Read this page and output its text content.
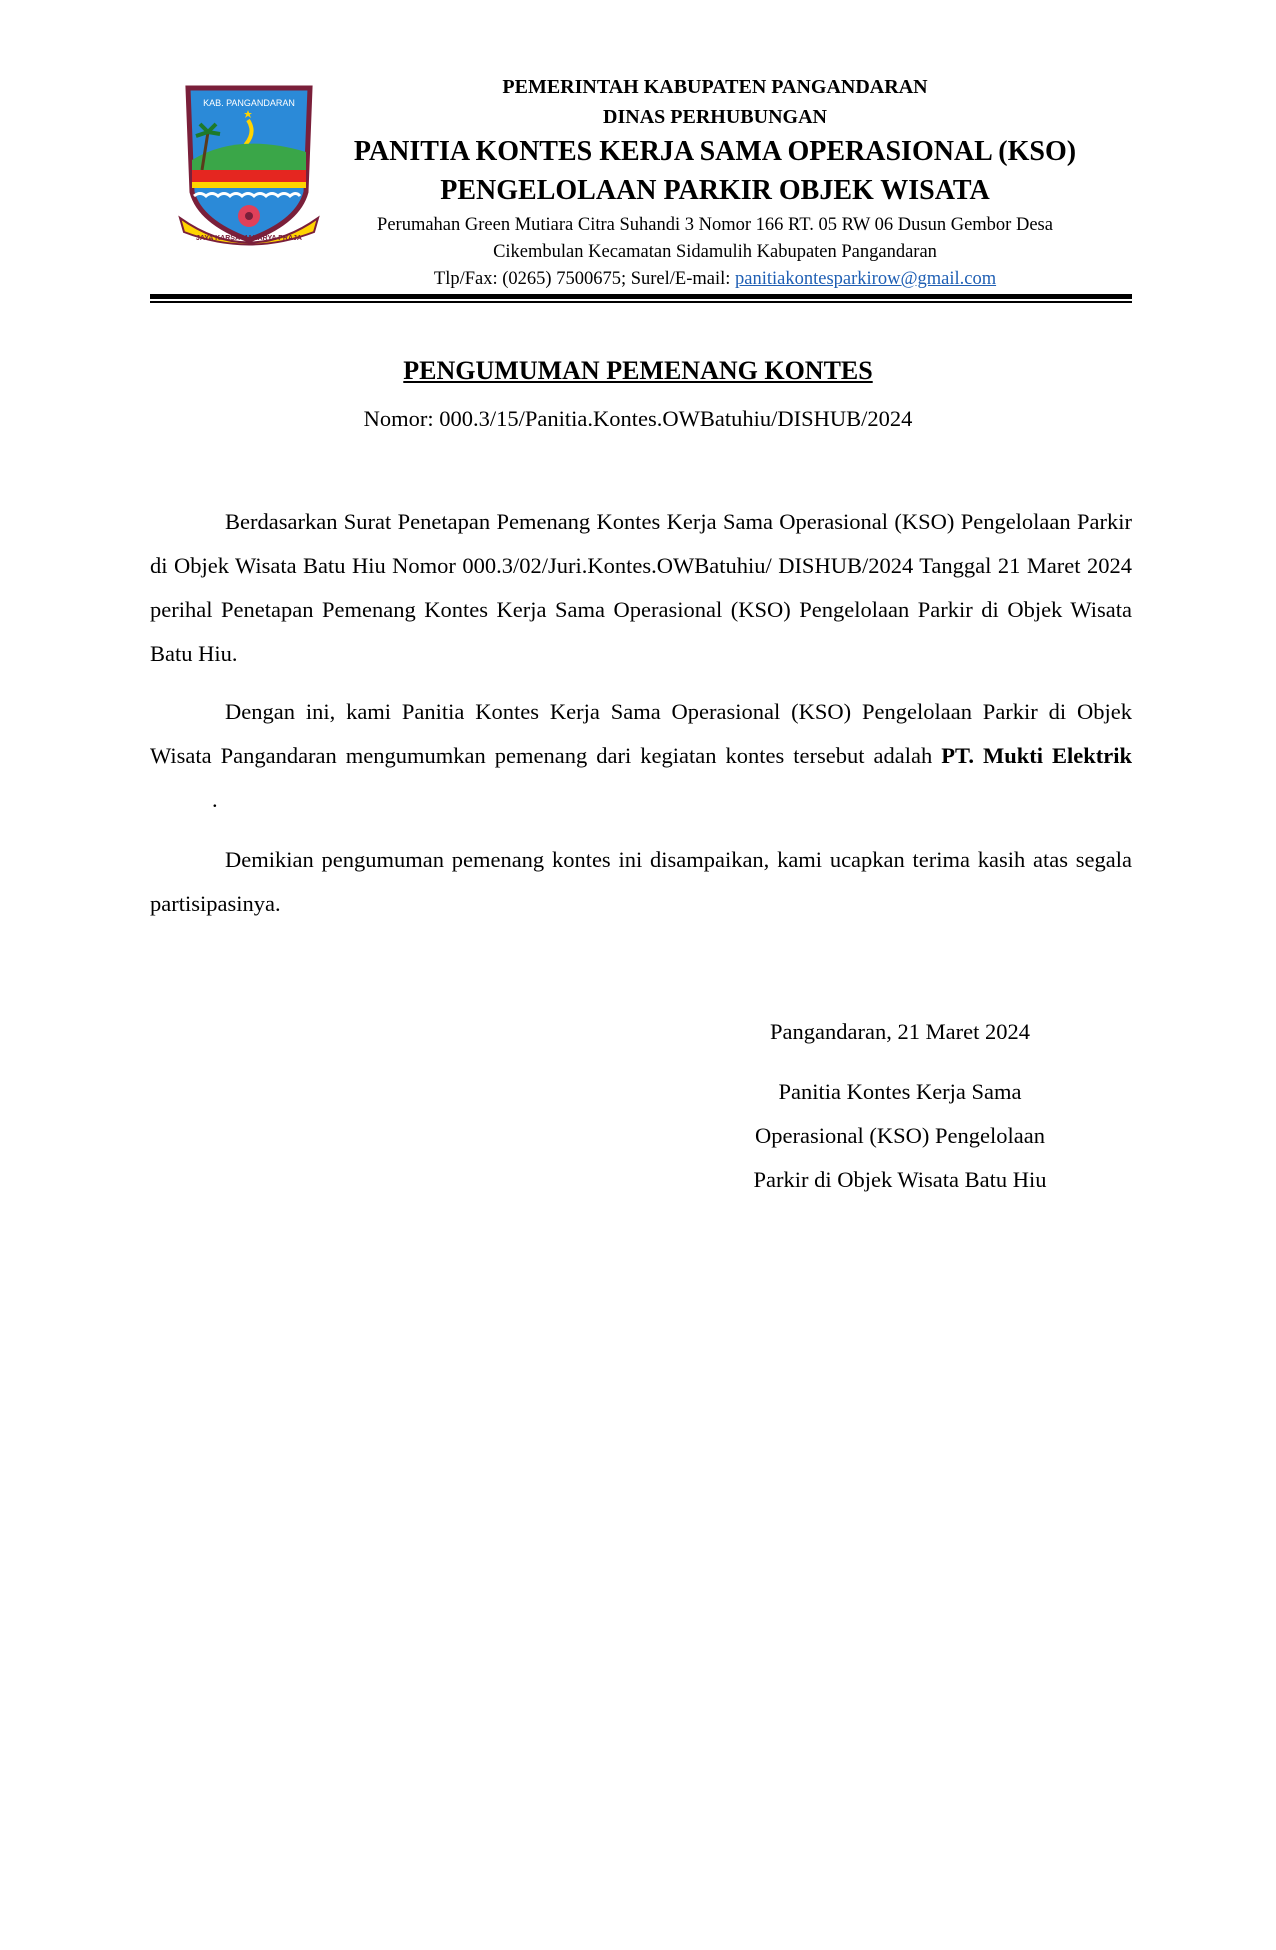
KAB. PANGANDARAN
JAYA KARSA MAKARYA PRAJA
PEMERINTAH KABUPATEN PANGANDARAN
DINAS PERHUBUNGAN
PANITIA KONTES KERJA SAMA OPERASIONAL (KSO)
PENGELOLAAN PARKIR OBJEK WISATA
Perumahan Green Mutiara Citra Suhandi 3 Nomor 166 RT. 05 RW 06 Dusun Gembor Desa
Cikembulan Kecamatan Sidamulih Kabupaten Pangandaran
Tlp/Fax: (0265) 7500675; Surel/E-mail: panitiakontesparkirow@gmail.com
PENGUMUMAN PEMENANG KONTES
Nomor: 000.3/15/Panitia.Kontes.OWBatuhiu/DISHUB/2024

Berdasarkan Surat Penetapan Pemenang Kontes Kerja Sama Operasional (KSO) Pengelolaan Parkir di Objek Wisata Batu Hiu Nomor 000.3/02/Juri.Kontes.OWBatuhiu/ DISHUB/2024 Tanggal 21 Maret 2024 perihal Penetapan Pemenang Kontes Kerja Sama Operasional (KSO) Pengelolaan Parkir di Objek Wisata Batu Hiu.

Dengan ini, kami Panitia Kontes Kerja Sama Operasional (KSO) Pengelolaan Parkir di Objek Wisata Pangandaran mengumumkan pemenang dari kegiatan kontes tersebut adalah PT. Mukti Elektrik.

Demikian pengumuman pemenang kontes ini disampaikan, kami ucapkan terima kasih atas segala partisipasinya.

Pangandaran, 21 Maret 2024
Panitia Kontes Kerja Sama
Operasional (KSO) Pengelolaan
Parkir di Objek Wisata Batu Hiu
